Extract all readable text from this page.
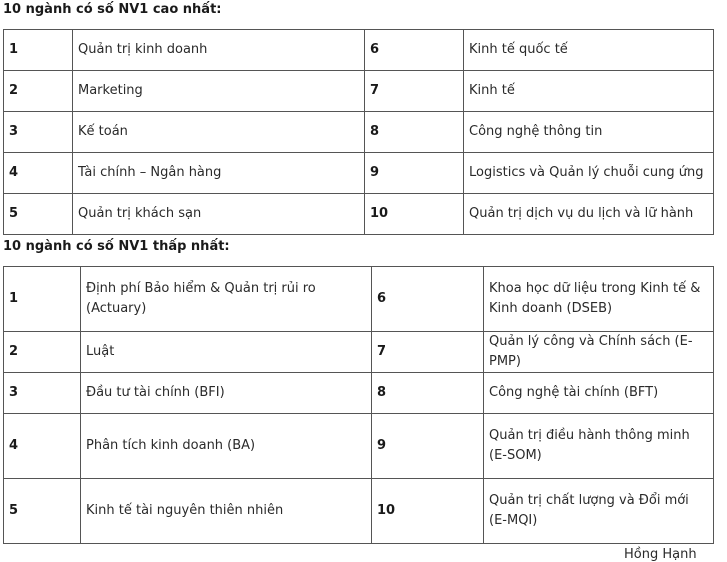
10 ngành có số NV1 cao nhất:
1	Quản trị kinh doanh	6	Kinh tế quốc tế
2	Marketing	7	Kinh tế
3	Kế toán	8	Công nghệ thông tin
4	Tài chính – Ngân hàng	9	Logistics và Quản lý chuỗi cung ứng
5	Quản trị khách sạn	10	Quản trị dịch vụ du lịch và lữ hành
10 ngành có số NV1 thấp nhất:
1	Định phí Bảo hiểm & Quản trị rủi ro (Actuary)	6	Khoa học dữ liệu trong Kinh tế & Kinh doanh (DSEB)
2	Luật	7	Quản lý công và Chính sách (E-PMP)
3	Đầu tư tài chính (BFI)	8	Công nghệ tài chính (BFT)
4	Phân tích kinh doanh (BA)	9	Quản trị điều hành thông minh (E-SOM)
5	Kinh tế tài nguyên thiên nhiên	10	Quản trị chất lượng và Đổi mới (E-MQI)
Hồng Hạnh
